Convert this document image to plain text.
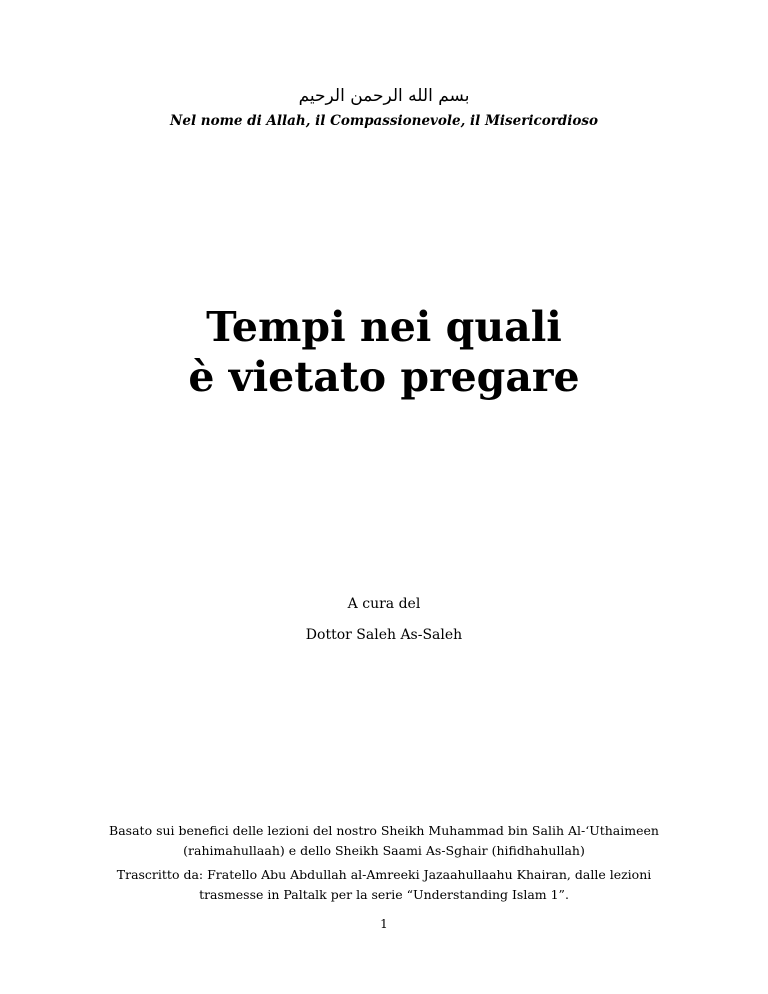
بسم الله الرحمن الرحيم
Nel nome di Allah, il Compassionevole, il Misericordioso
Tempi nei quali
è vietato pregare
A cura del
Dottor Saleh As-Saleh
Basato sui benefici delle lezioni del nostro Sheikh Muhammad bin Salih Al-‘Uthaimeen
(rahimahullaah) e dello Sheikh Saami As-Sghair (hifidhahullah)
Trascritto da: Fratello Abu Abdullah al-Amreeki Jazaahullaahu Khairan, dalle lezioni
trasmesse in Paltalk per la serie “Understanding Islam 1”.
1
